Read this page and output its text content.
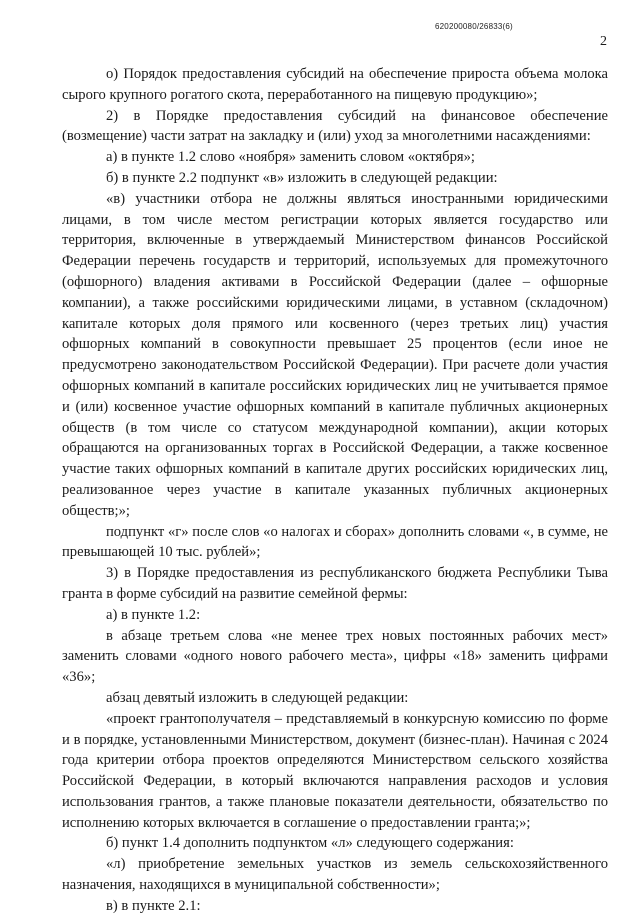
620200080/26833(6)
2

о) Порядок предоставления субсидий на обеспечение прироста объема молока сырого крупного рогатого скота, переработанного на пищевую продукцию»;

2) в Порядке предоставления субсидий на финансовое обеспечение (возмещение) части затрат на закладку и (или) уход за многолетними насаждениями:

а) в пункте 1.2 слово «ноября» заменить словом «октября»;

б) в пункте 2.2 подпункт «в» изложить в следующей редакции:

«в) участники отбора не должны являться иностранными юридическими лицами, в том числе местом регистрации которых является государство или территория, включенные в утверждаемый Министерством финансов Российской Федерации перечень государств и территорий, используемых для промежуточного (офшорного) владения активами в Российской Федерации (далее – офшорные компании), а также российскими юридическими лицами, в уставном (складочном) капитале которых доля прямого или косвенного (через третьих лиц) участия офшорных компаний в совокупности превышает 25 процентов (если иное не предусмотрено законодательством Российской Федерации). При расчете доли участия офшорных компаний в капитале российских юридических лиц не учитывается прямое и (или) косвенное участие офшорных компаний в капитале публичных акционерных обществ (в том числе со статусом международной компании), акции которых обращаются на организованных торгах в Российской Федерации, а также косвенное участие таких офшорных компаний в капитале других российских юридических лиц, реализованное через участие в капитале указанных публичных акционерных обществ;»;

подпункт «г» после слов «о налогах и сборах» дополнить словами «, в сумме, не превышающей 10 тыс. рублей»;

3) в Порядке предоставления из республиканского бюджета Республики Тыва гранта в форме субсидий на развитие семейной фермы:

а) в пункте 1.2:

в абзаце третьем слова «не менее трех новых постоянных рабочих мест» заменить словами «одного нового рабочего места», цифры «18» заменить цифрами «36»;

абзац девятый изложить в следующей редакции:

«проект грантополучателя – представляемый в конкурсную комиссию по форме и в порядке, установленными Министерством, документ (бизнес-план). Начиная с 2024 года критерии отбора проектов определяются Министерством сельского хозяйства Российской Федерации, в который включаются направления расходов и условия использования грантов, а также плановые показатели деятельности, обязательство по исполнению которых включается в соглашение о предоставлении гранта;»;

б) пункт 1.4 дополнить подпунктом «л» следующего содержания:

«л) приобретение земельных участков из земель сельскохозяйственного назначения, находящихся в муниципальной собственности»;

в) в пункте 2.1:
